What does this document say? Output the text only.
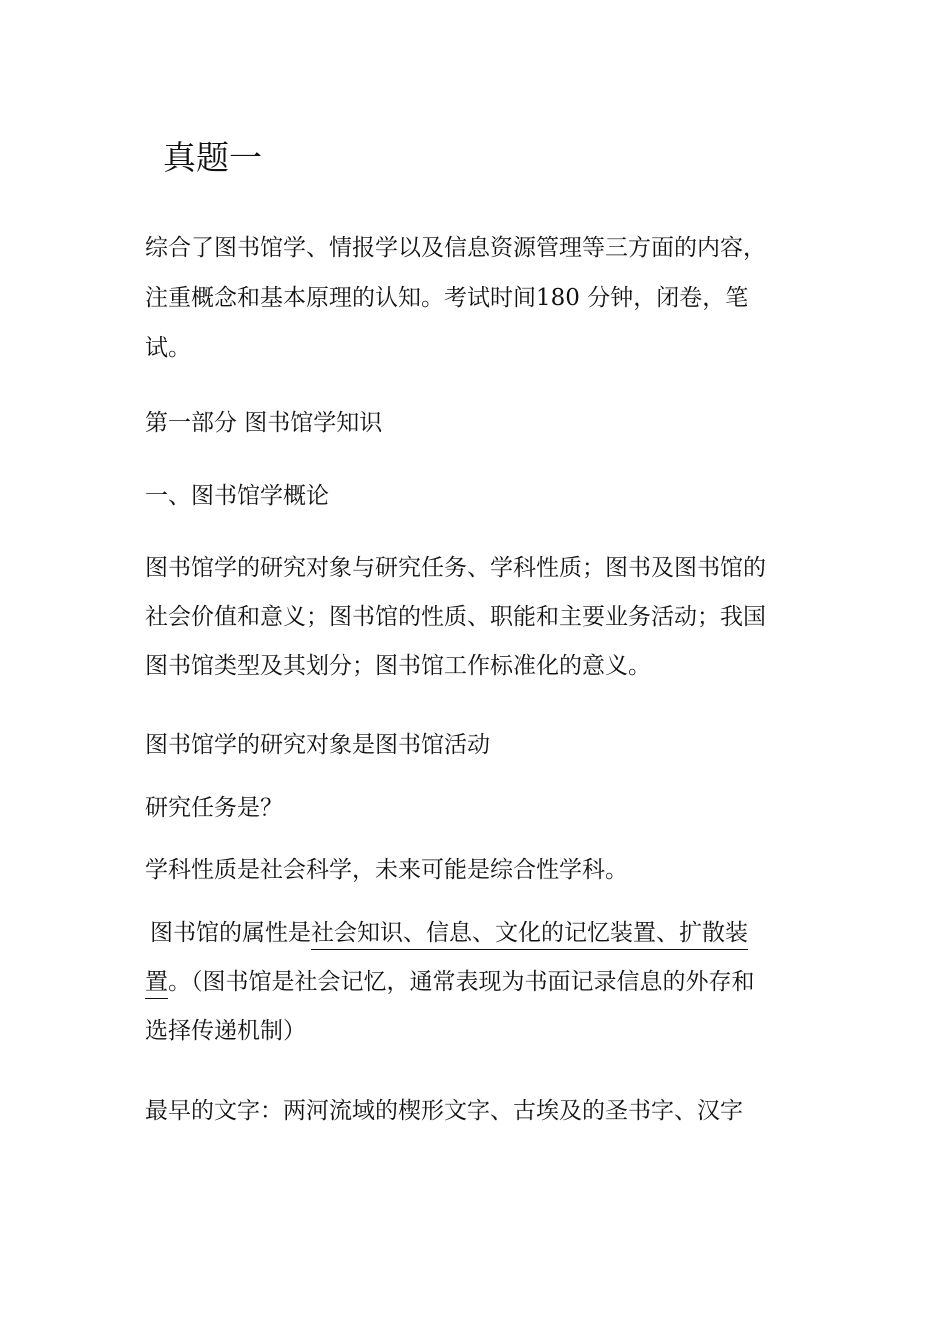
真题一

综合了图书馆学、情报学以及信息资源管理等三方面的内容，

注重概念和基本原理的认知。考试时间180 分钟，闭卷，笔

试。

第一部分 图书馆学知识

一、图书馆学概论

图书馆学的研究对象与研究任务、学科性质；图书及图书馆的

社会价值和意义；图书馆的性质、职能和主要业务活动；我国

图书馆类型及其划分；图书馆工作标准化的意义。

图书馆学的研究对象是图书馆活动

研究任务是？

学科性质是社会科学，未来可能是综合性学科。

图书馆的属性是社会知识、信息、文化的记忆装置、扩散装

置。（图书馆是社会记忆，通常表现为书面记录信息的外存和

选择传递机制）

最早的文字：两河流域的楔形文字、古埃及的圣书字、汉字
